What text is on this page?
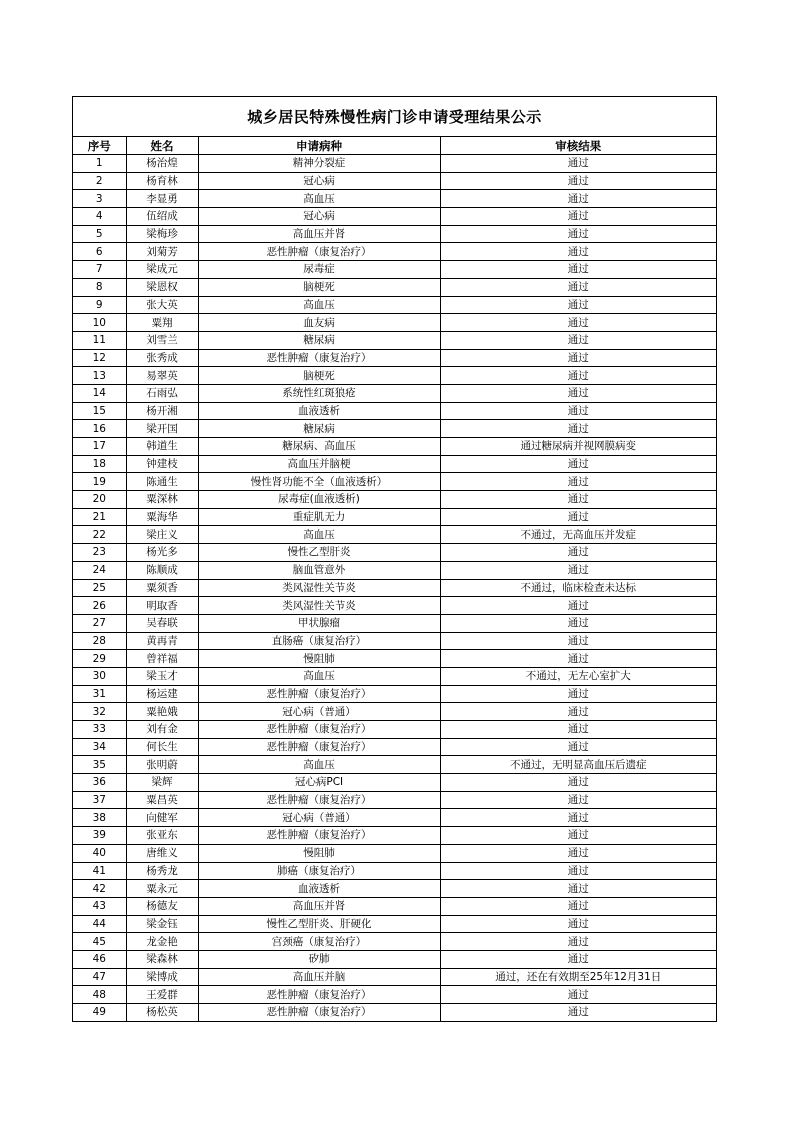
城乡居民特殊慢性病门诊申请受理结果公示
序号	姓名	申请病种	审核结果
1	杨治煌	精神分裂症	通过
2	杨育林	冠心病	通过
3	李显勇	高血压	通过
4	伍绍成	冠心病	通过
5	梁梅珍	高血压并肾	通过
6	刘菊芳	恶性肿瘤（康复治疗）	通过
7	梁成元	尿毒症	通过
8	梁恩权	脑梗死	通过
9	张大英	高血压	通过
10	粟翔	血友病	通过
11	刘雪兰	糖尿病	通过
12	张秀成	恶性肿瘤（康复治疗）	通过
13	易翠英	脑梗死	通过
14	石雨弘	系统性红斑狼疮	通过
15	杨开湘	血液透析	通过
16	梁开国	糖尿病	通过
17	韩道生	糖尿病、高血压	通过糖尿病并视网膜病变
18	钟建枝	高血压并脑梗	通过
19	陈通生	慢性肾功能不全（血液透析）	通过
20	粟深林	尿毒症(血液透析)	通过
21	粟海华	重症肌无力	通过
22	梁庄义	高血压	不通过，无高血压并发症
23	杨光多	慢性乙型肝炎	通过
24	陈顺成	脑血管意外	通过
25	粟须香	类风湿性关节炎	不通过，临床检查未达标
26	明取香	类风湿性关节炎	通过
27	吴春联	甲状腺瘤	通过
28	黄再青	直肠癌（康复治疗）	通过
29	曾祥福	慢阻肺	通过
30	梁玉才	高血压	不通过，无左心室扩大
31	杨运建	恶性肿瘤（康复治疗）	通过
32	粟艳娥	冠心病（普通）	通过
33	刘有金	恶性肿瘤（康复治疗）	通过
34	何长生	恶性肿瘤（康复治疗）	通过
35	张明蔚	高血压	不通过，无明显高血压后遗症
36	梁辉	冠心病PCI	通过
37	粟昌英	恶性肿瘤（康复治疗）	通过
38	向健军	冠心病（普通）	通过
39	张亚东	恶性肿瘤（康复治疗）	通过
40	唐维义	慢阻肺	通过
41	杨秀龙	肺癌（康复治疗）	通过
42	粟永元	血液透析	通过
43	杨德友	高血压并肾	通过
44	梁金钰	慢性乙型肝炎、肝硬化	通过
45	龙金艳	宫颈癌（康复治疗）	通过
46	梁森林	矽肺	通过
47	梁博成	高血压并脑	通过，还在有效期至25年12月31日
48	王爱群	恶性肿瘤（康复治疗）	通过
49	杨松英	恶性肿瘤（康复治疗）	通过
